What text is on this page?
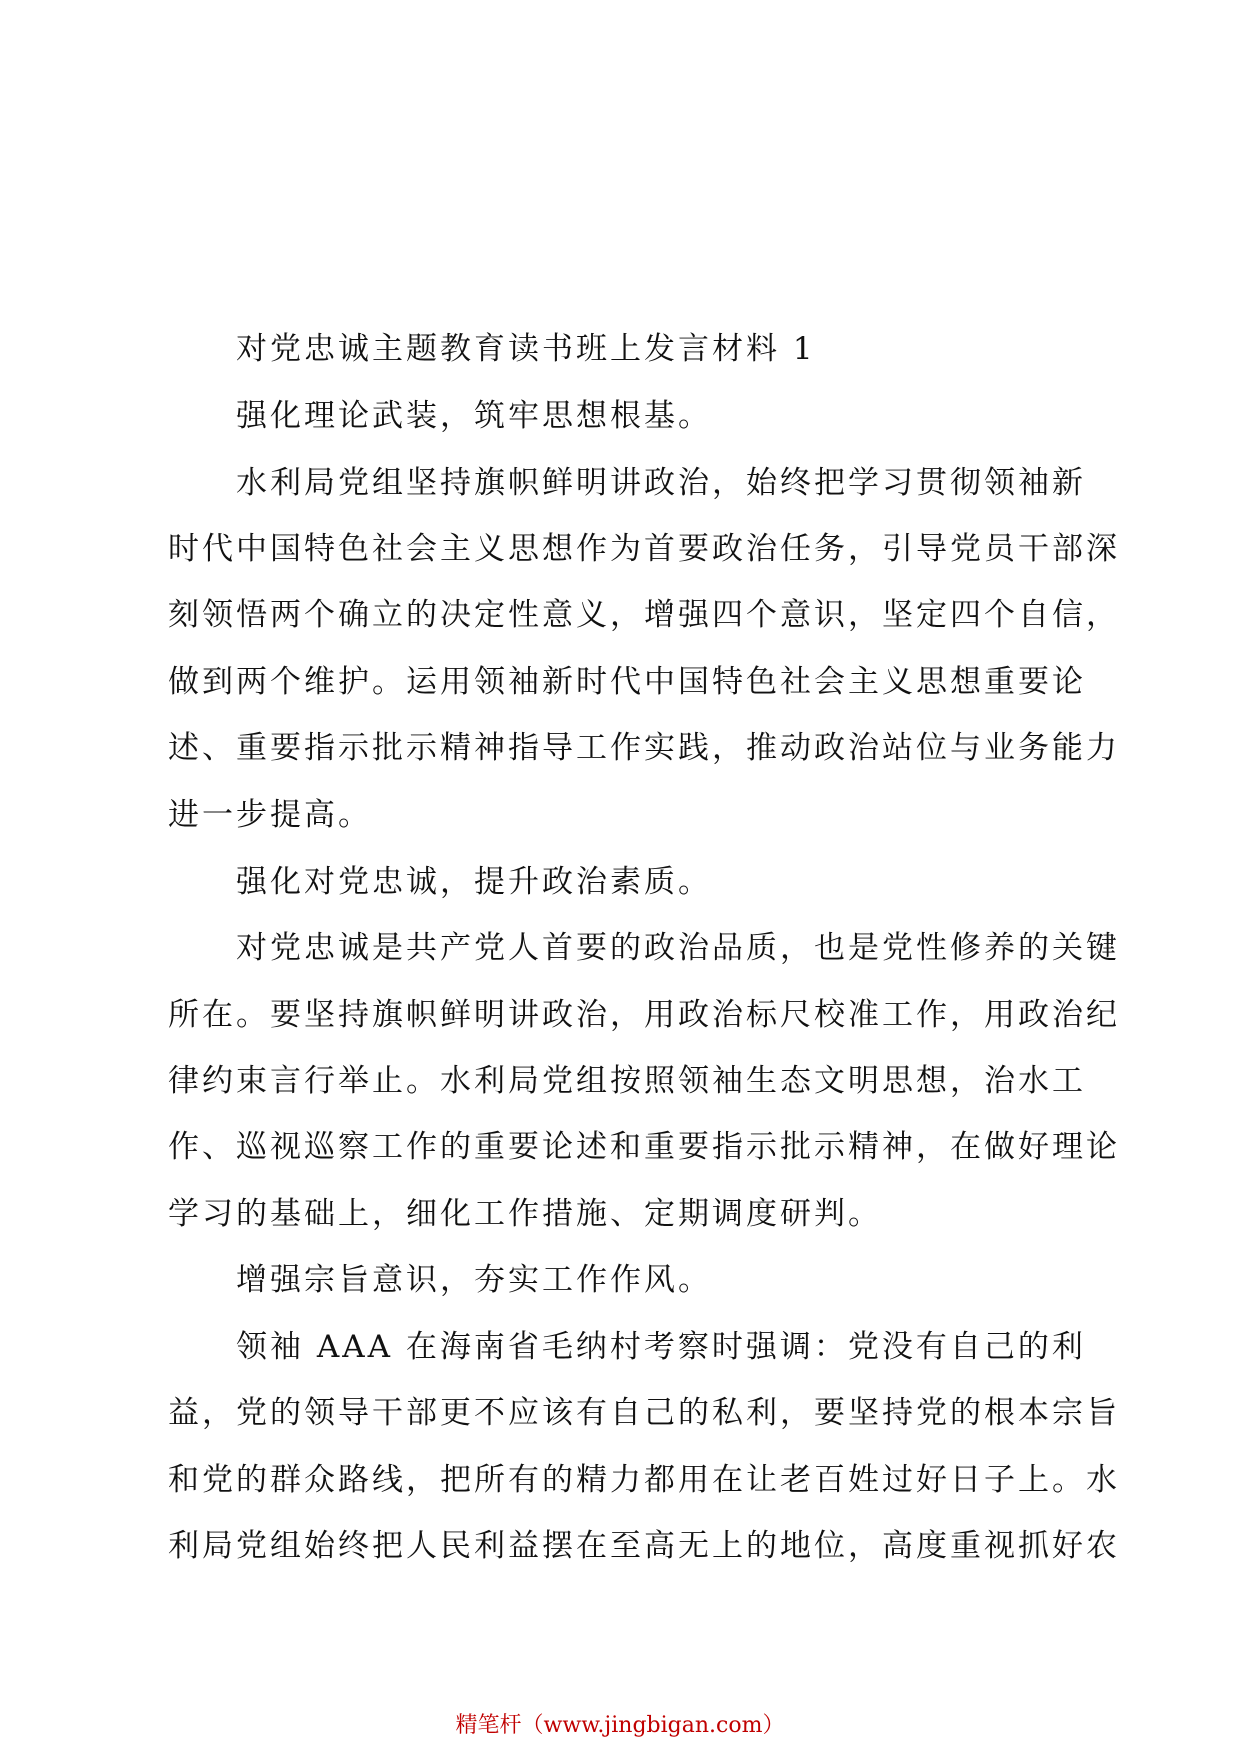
对党忠诚主题教育读书班上发言材料 1
强化理论武装，筑牢思想根基。
水利局党组坚持旗帜鲜明讲政治，始终把学习贯彻领袖新
时代中国特色社会主义思想作为首要政治任务，引导党员干部深
刻领悟两个确立的决定性意义，增强四个意识，坚定四个自信，
做到两个维护。运用领袖新时代中国特色社会主义思想重要论
述、重要指示批示精神指导工作实践，推动政治站位与业务能力
进一步提高。
强化对党忠诚，提升政治素质。
对党忠诚是共产党人首要的政治品质，也是党性修养的关键
所在。要坚持旗帜鲜明讲政治，用政治标尺校准工作，用政治纪
律约束言行举止。水利局党组按照领袖生态文明思想，治水工
作、巡视巡察工作的重要论述和重要指示批示精神，在做好理论
学习的基础上，细化工作措施、定期调度研判。
增强宗旨意识，夯实工作作风。
领袖 AAA 在海南省毛纳村考察时强调：党没有自己的利
益，党的领导干部更不应该有自己的私利，要坚持党的根本宗旨
和党的群众路线，把所有的精力都用在让老百姓过好日子上。水
利局党组始终把人民利益摆在至高无上的地位，高度重视抓好农
精笔杆（www.jingbigan.com）
